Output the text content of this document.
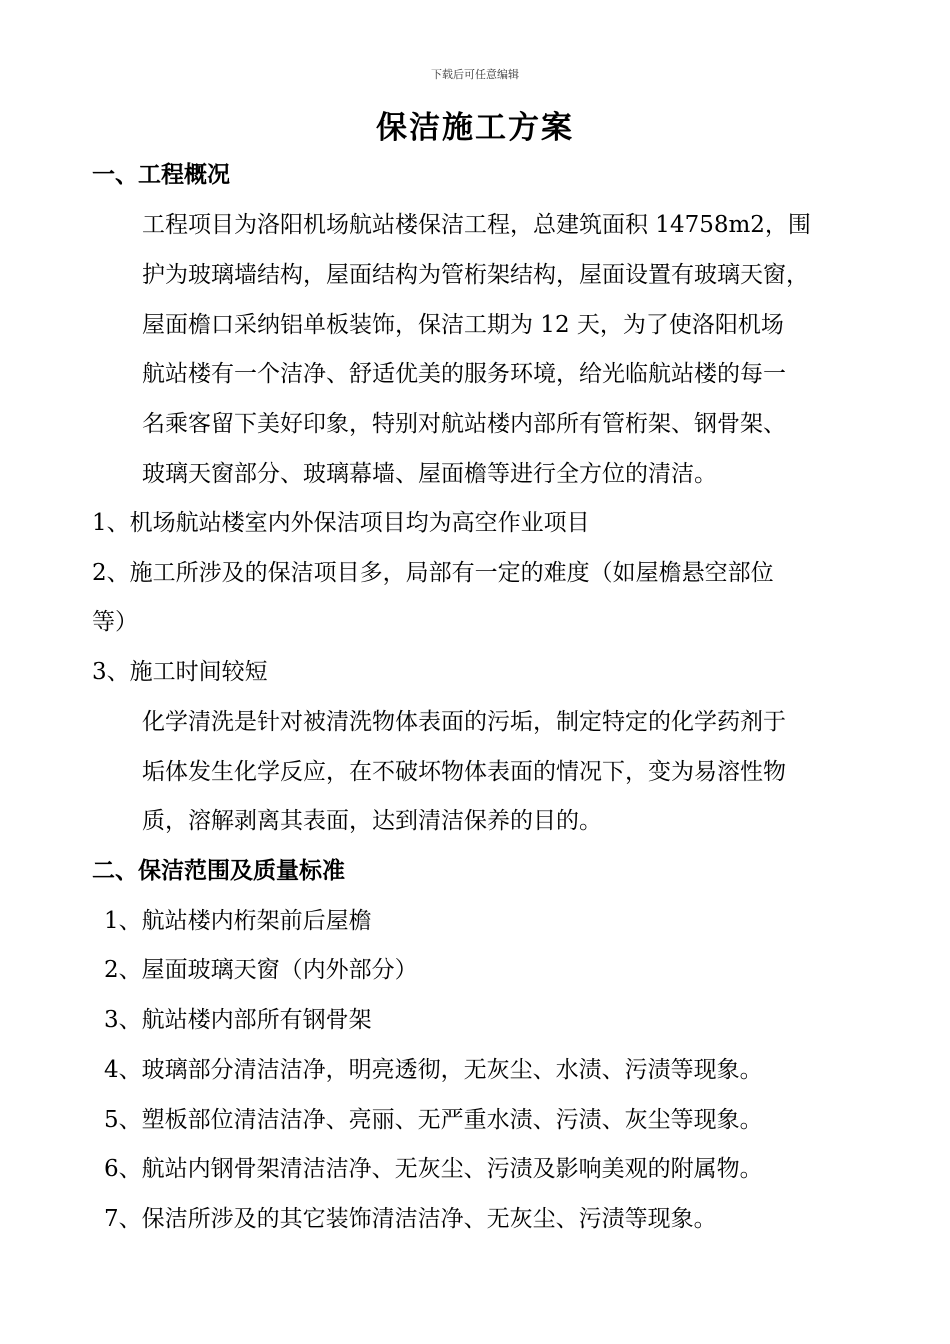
下载后可任意编辑
保洁施工方案
一、工程概况
工程项目为洛阳机场航站楼保洁工程，总建筑面积 14758m2，围
护为玻璃墙结构，屋面结构为管桁架结构，屋面设置有玻璃天窗，
屋面檐口采纳铝单板装饰，保洁工期为 12 天，为了使洛阳机场
航站楼有一个洁净、舒适优美的服务环境，给光临航站楼的每一
名乘客留下美好印象，特别对航站楼内部所有管桁架、钢骨架、
玻璃天窗部分、玻璃幕墙、屋面檐等进行全方位的清洁。
1、机场航站楼室内外保洁项目均为高空作业项目
2、施工所涉及的保洁项目多，局部有一定的难度（如屋檐悬空部位
等）
3、施工时间较短
化学清洗是针对被清洗物体表面的污垢，制定特定的化学药剂于
垢体发生化学反应，在不破坏物体表面的情况下，变为易溶性物
质，溶解剥离其表面，达到清洁保养的目的。
二、保洁范围及质量标准
1、航站楼内桁架前后屋檐
2、屋面玻璃天窗（内外部分）
3、航站楼内部所有钢骨架
4、玻璃部分清洁洁净，明亮透彻，无灰尘、水渍、污渍等现象。
5、塑板部位清洁洁净、亮丽、无严重水渍、污渍、灰尘等现象。
6、航站内钢骨架清洁洁净、无灰尘、污渍及影响美观的附属物。
7、保洁所涉及的其它装饰清洁洁净、无灰尘、污渍等现象。
